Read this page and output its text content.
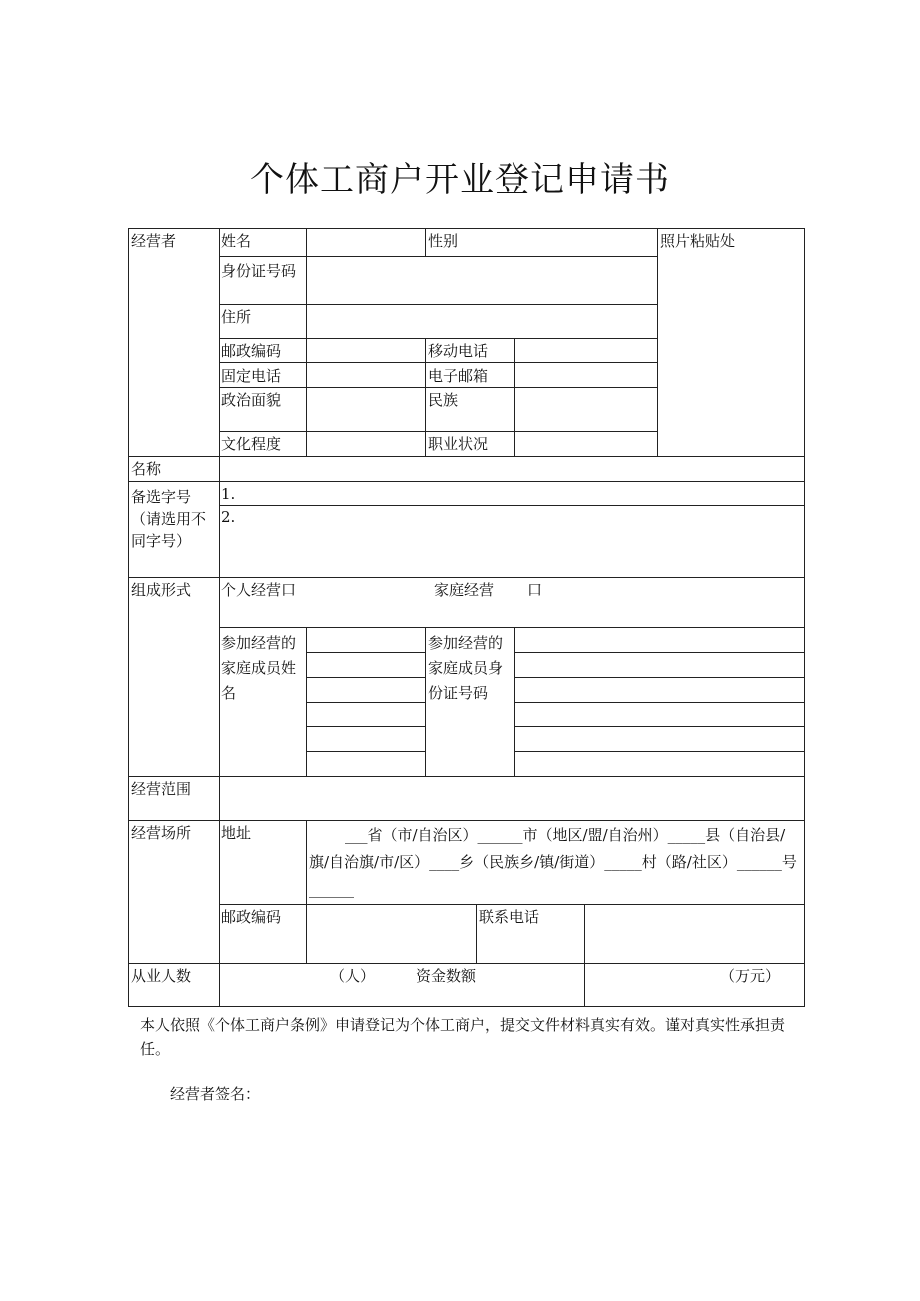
个体工商户开业登记申请书
经营者	姓名	性别	照片粘贴处
身份证号码
住所
邮政编码	移动电话
固定电话	电子邮箱
政治面貌	民族
文化程度	职业状况
名称
备选字号（请选用不同字号）
1.
2.
组成形式 个人经营口	家庭经营 口
参加经营的家庭成员姓名
参加经营的家庭成员身份证号码
经营范围
经营场所 地址	___省（市/自治区）______市（地区/盟/自治州）_____县（自治县/旗/自治旗/市/区）____乡（民族乡/镇/街道）_____村（路/社区）______号______
邮政编码	联系电话
从业人数	（人）	资金数额	（万元）
本人依照《个体工商户条例》申请登记为个体工商户，提交文件材料真实有效。谨对真实性承担责任。
经营者签名：
